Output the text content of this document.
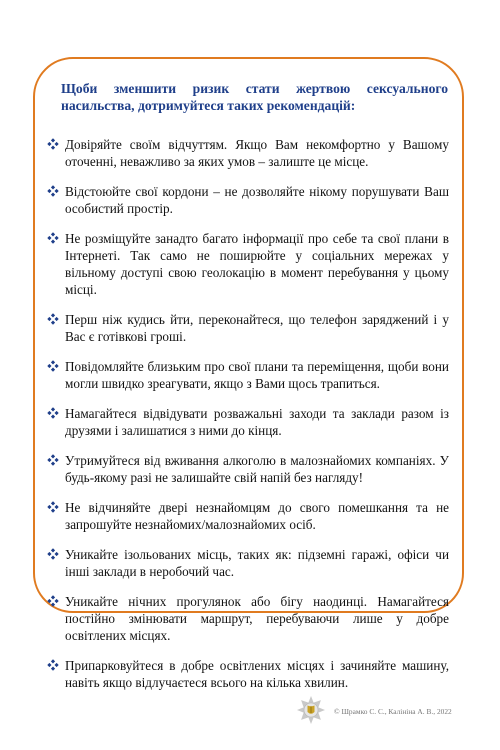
Щоби зменшити ризик стати жертвою сексуального насильства, дотримуйтеся таких рекомендацій:
Довіряйте своїм відчуттям. Якщо Вам некомфортно у Вашому оточенні, неважливо за яких умов – залиште це місце.
Відстоюйте свої кордони – не дозволяйте нікому порушувати Ваш особистий простір.
Не розміщуйте занадто багато інформації про себе та свої плани в Інтернеті. Так само не поширюйте у соціальних мережах у вільному доступі свою геолокацію в момент перебування у цьому місці.
Перш ніж кудись йти, переконайтеся, що телефон заряджений і у Вас є готівкові гроші.
Повідомляйте близьким про свої плани та переміщення, щоби вони могли швидко зреагувати, якщо з Вами щось трапиться.
Намагайтеся відвідувати розважальні заходи та заклади разом із друзями і залишатися з ними до кінця.
Утримуйтеся від вживання алкоголю в малознайомих компаніях. У будь-якому разі не залишайте свій напій без нагляду!
Не відчиняйте двері незнайомцям до свого помешкання та не запрошуйте незнайомих/малознайомих осіб.
Уникайте ізольованих місць, таких як: підземні гаражі, офіси чи інші заклади в неробочий час.
Уникайте нічних прогулянок або бігу наодинці. Намагайтеся постійно змінювати маршрут, перебуваючи лише у добре освітлених місцях.
Припарковуйтеся в добре освітлених місцях і зачиняйте машину, навіть якщо відлучаєтеся всього на кілька хвилин.
© Шрамко С. С., Калініна А. В., 2022
